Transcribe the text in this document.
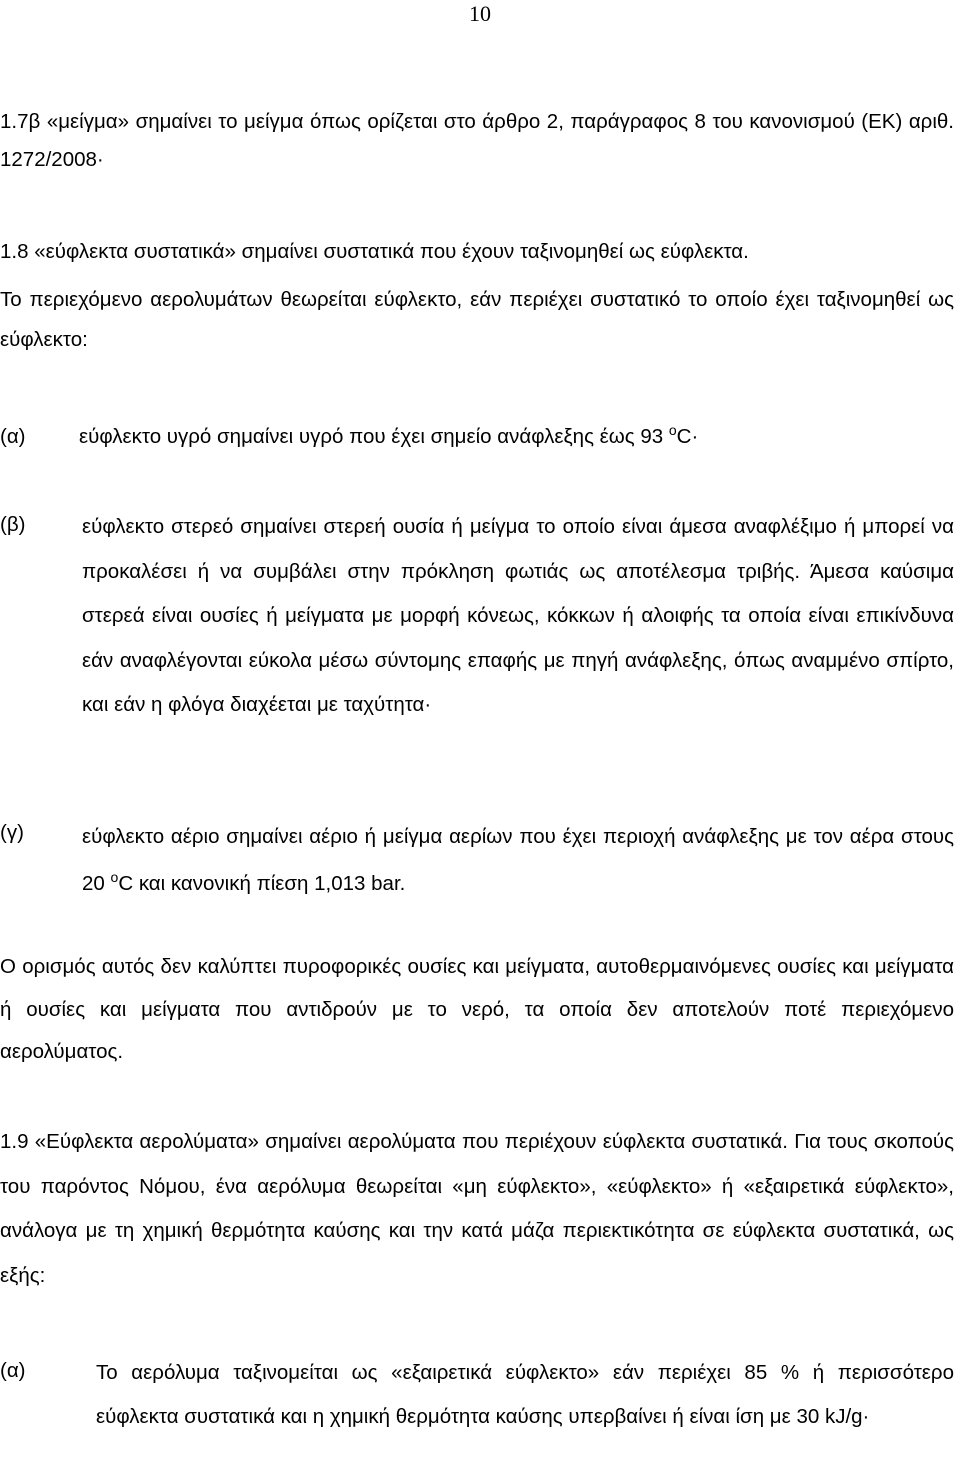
10

1.7β «μείγμα» σημαίνει το μείγμα όπως ορίζεται στο άρθρο 2, παράγραφος 8 του κανονισμού (ΕΚ) αριθ. 1272/2008·

1.8 «εύφλεκτα συστατικά» σημαίνει συστατικά που έχουν ταξινομηθεί ως εύφλεκτα.

Το περιεχόμενο αερολυμάτων θεωρείται εύφλεκτο, εάν περιέχει συστατικό το οποίο έχει ταξινομηθεί ως εύφλεκτο:

(α)	εύφλεκτο υγρό σημαίνει υγρό που έχει σημείο ανάφλεξης έως 93 $^o$C·
(β)	εύφλεκτο στερεό σημαίνει στερεή ουσία ή μείγμα το οποίο είναι άμεσα αναφλέξιμο ή μπορεί να προκαλέσει ή να συμβάλει στην πρόκληση φωτιάς ως αποτέλεσμα τριβής. Άμεσα καύσιμα στερεά είναι ουσίες ή μείγματα με μορφή κόνεως, κόκκων ή αλοιφής τα οποία είναι επικίνδυνα εάν αναφλέγονται εύκολα μέσω σύντομης επαφής με πηγή ανάφλεξης, όπως αναμμένο σπίρτο, και εάν η φλόγα διαχέεται με ταχύτητα·
(γ)	εύφλεκτο αέριο σημαίνει αέριο ή μείγμα αερίων που έχει περιοχή ανάφλεξης με τον αέρα στους 20 $^o$C και κανονική πίεση 1,013 bar.

Ο ορισμός αυτός δεν καλύπτει πυροφορικές ουσίες και μείγματα, αυτοθερμαινόμενες ουσίες και μείγματα ή ουσίες και μείγματα που αντιδρούν με το νερό, τα οποία δεν αποτελούν ποτέ περιεχόμενο αερολύματος.

1.9 «Εύφλεκτα αερολύματα» σημαίνει αερολύματα που περιέχουν εύφλεκτα συστατικά. Για τους σκοπούς του παρόντος Νόμου, ένα αερόλυμα θεωρείται «μη εύφλεκτο», «εύφλεκτο» ή «εξαιρετικά εύφλεκτο», ανάλογα με τη χημική θερμότητα καύσης και την κατά μάζα περιεκτικότητα σε εύφλεκτα συστατικά, ως εξής:

(α)	Το αερόλυμα ταξινομείται ως «εξαιρετικά εύφλεκτο» εάν περιέχει 85 % ή περισσότερο εύφλεκτα συστατικά και η χημική θερμότητα καύσης υπερβαίνει ή είναι ίση με 30 kJ/g·
